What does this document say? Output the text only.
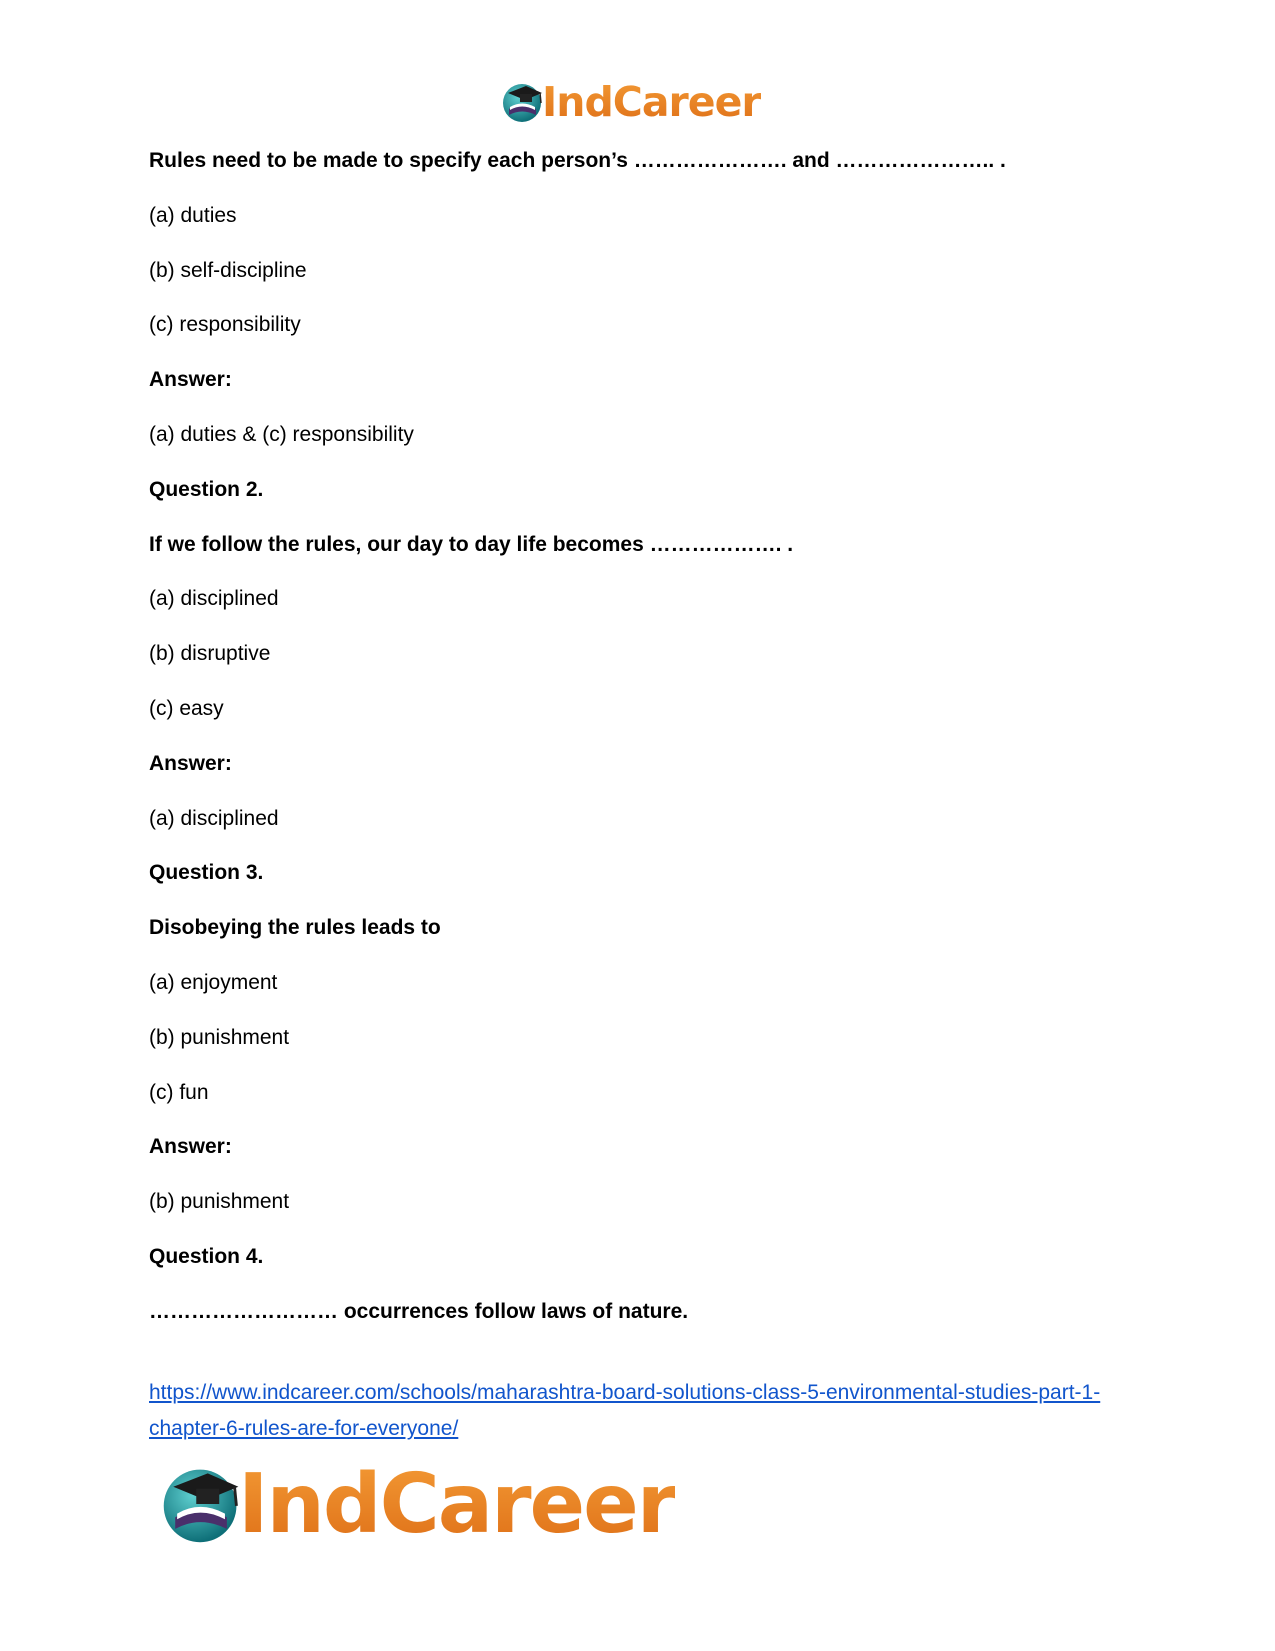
IndCareer
Rules need to be made to specify each person’s …………………. and ………………….. .
(a) duties
(b) self-discipline
(c) responsibility
Answer:
(a) duties & (c) responsibility
Question 2.
If we follow the rules, our day to day life becomes ………………. .
(a) disciplined
(b) disruptive
(c) easy
Answer:
(a) disciplined
Question 3.
Disobeying the rules leads to
(a) enjoyment
(b) punishment
(c) fun
Answer:
(b) punishment
Question 4.
……………………… occurrences follow laws of nature.
https://www.indcareer.com/schools/maharashtra-board-solutions-class-5-environmental-studies-part-1-chapter-6-rules-are-for-everyone/
IndCareer
